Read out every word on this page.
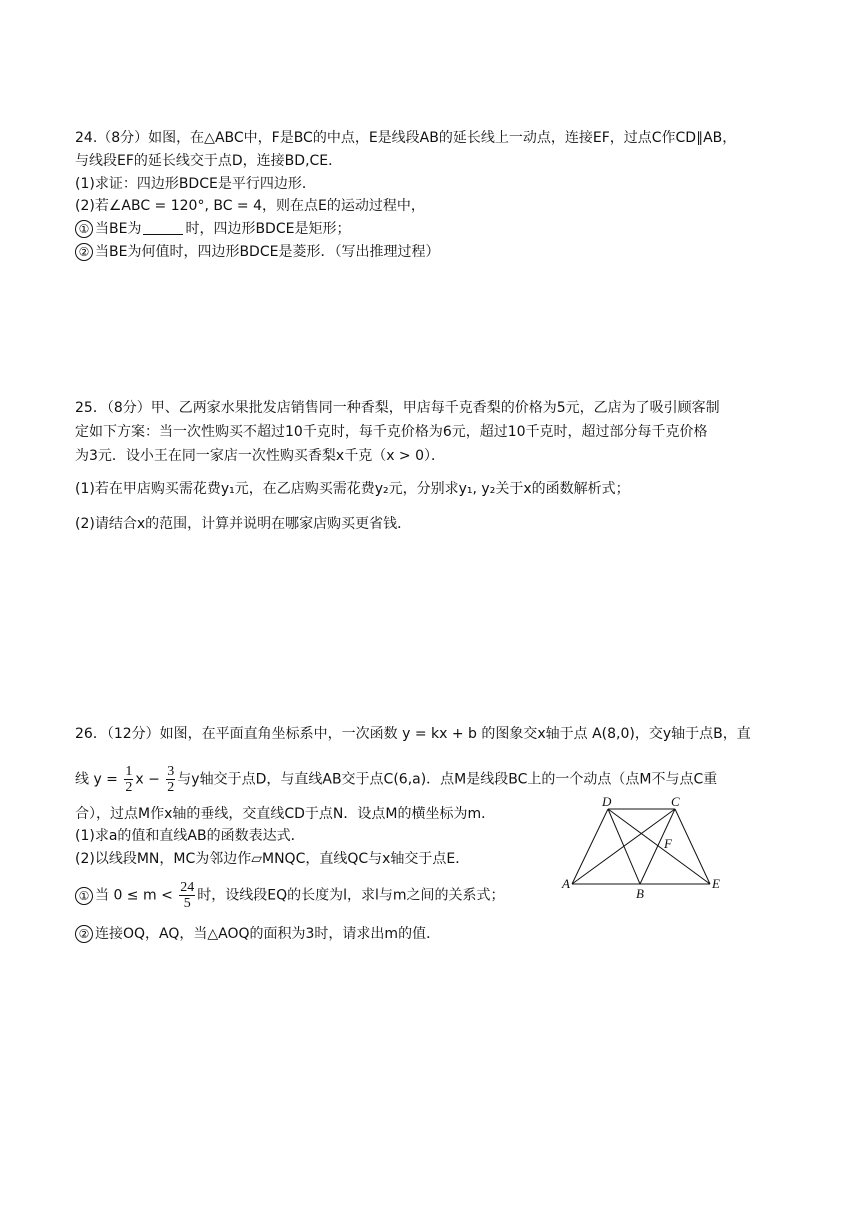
24.（8分）如图，在△ABC中，F是BC的中点，E是线段AB的延长线上一动点，连接EF，过点C作CD∥AB，
与线段EF的延长线交于点D，连接BD,CE．
(1)求证：四边形BDCE是平行四边形．
(2)若∠ABC = 120°, BC = 4，则在点E的运动过程中，
① 当BE为	时，四边形BDCE是矩形；
② 当BE为何值时，四边形BDCE是菱形．（写出推理过程）
25．（8分）甲、乙两家水果批发店销售同一种香梨，甲店每千克香梨的价格为5元，乙店为了吸引顾客制
定如下方案：当一次性购买不超过10千克时，每千克价格为6元，超过10千克时，超过部分每千克价格
为3元．设小王在同一家店一次性购买香梨x千克（x > 0）．
(1)若在甲店购买需花费y₁元，在乙店购买需花费y₂元，分别求y₁, y₂关于x的函数解析式；
(2)请结合x的范围，计算并说明在哪家店购买更省钱．
26．（12分）如图，在平面直角坐标系中，一次函数 y = kx + b 的图象交x轴于点 A(8,0)，交y轴于点B，直
线 $y = \frac{1}{2}$ $x - \frac{3}{2}$ 与y轴交于点D，与直线AB交于点C(6,a)．点M是线段BC上的一个动点（点M不与点C重
合），过点M作x轴的垂线，交直线CD于点N．设点M的横坐标为m．
(1)求a的值和直线AB的函数表达式．
(2)以线段MN，MC为邻边作▱MNQC，直线QC与x轴交于点E．
① 当 $0 \le m < \frac{24}{5}$ 时，设线段EQ的长度为l，求l与m之间的关系式；
② 连接OQ，AQ，当△AOQ的面积为3时，请求出m的值．
D	C
F
A
B
E
